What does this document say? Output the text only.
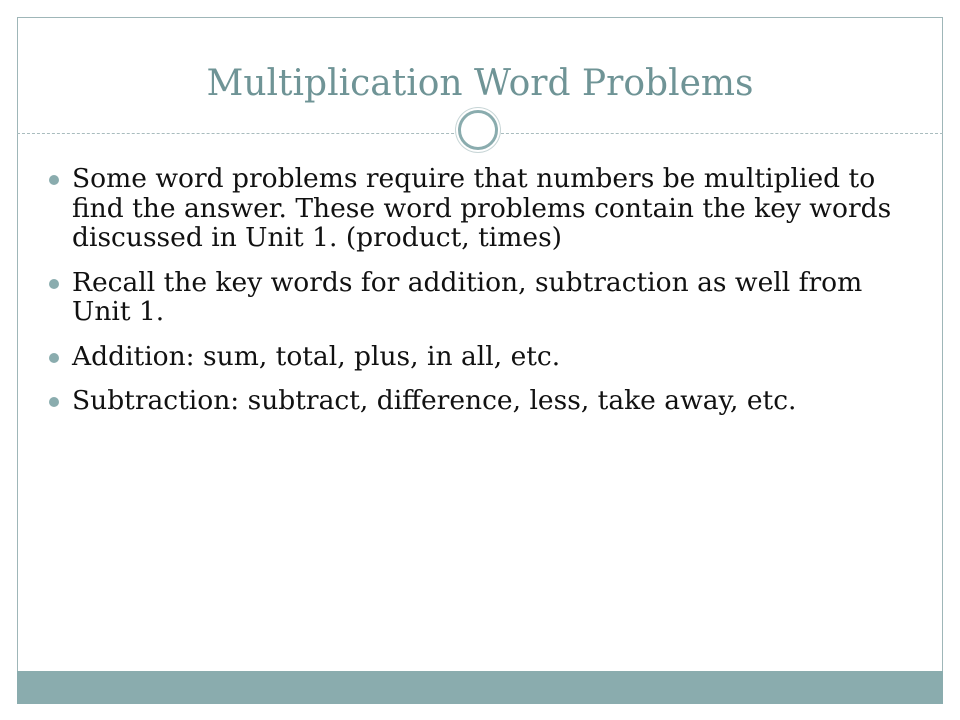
Multiplication Word Problems
Some word problems require that numbers be multiplied to find the answer. These word problems contain the key words discussed in Unit 1. (product, times)
Recall the key words for addition, subtraction as well from Unit 1.
Addition: sum, total, plus, in all, etc.
Subtraction: subtract, difference, less, take away, etc.
